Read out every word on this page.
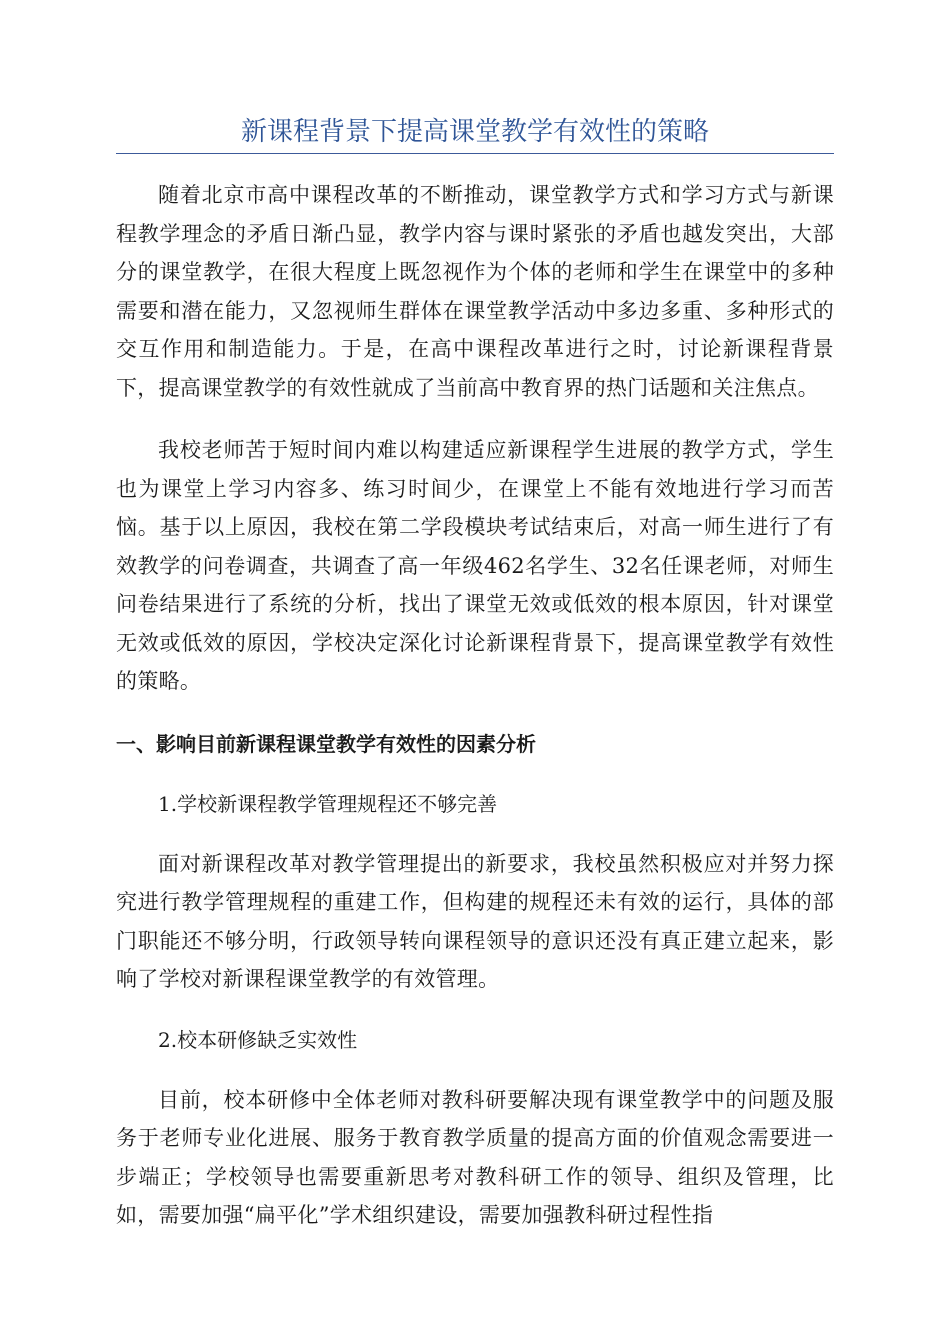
新课程背景下提高课堂教学有效性的策略

随着北京市高中课程改革的不断推动，课堂教学方式和学习方式与新课程教学理念的矛盾日渐凸显，教学内容与课时紧张的矛盾也越发突出，大部分的课堂教学，在很大程度上既忽视作为个体的老师和学生在课堂中的多种需要和潜在能力，又忽视师生群体在课堂教学活动中多边多重、多种形式的交互作用和制造能力。于是，在高中课程改革进行之时，讨论新课程背景下，提高课堂教学的有效性就成了当前高中教育界的热门话题和关注焦点。

我校老师苦于短时间内难以构建适应新课程学生进展的教学方式，学生也为课堂上学习内容多、练习时间少，在课堂上不能有效地进行学习而苦恼。基于以上原因，我校在第二学段模块考试结束后，对高一师生进行了有效教学的问卷调查，共调查了高一年级462名学生、32名任课老师，对师生问卷结果进行了系统的分析，找出了课堂无效或低效的根本原因，针对课堂无效或低效的原因，学校决定深化讨论新课程背景下，提高课堂教学有效性的策略。

一、影响目前新课程课堂教学有效性的因素分析

1.学校新课程教学管理规程还不够完善

面对新课程改革对教学管理提出的新要求，我校虽然积极应对并努力探究进行教学管理规程的重建工作，但构建的规程还未有效的运行，具体的部门职能还不够分明，行政领导转向课程领导的意识还没有真正建立起来，影响了学校对新课程课堂教学的有效管理。

2.校本研修缺乏实效性

目前，校本研修中全体老师对教科研要解决现有课堂教学中的问题及服务于老师专业化进展、服务于教育教学质量的提高方面的价值观念需要进一步端正；学校领导也需要重新思考对教科研工作的领导、组织及管理，比如，需要加强“扁平化”学术组织建设，需要加强教科研过程性指
